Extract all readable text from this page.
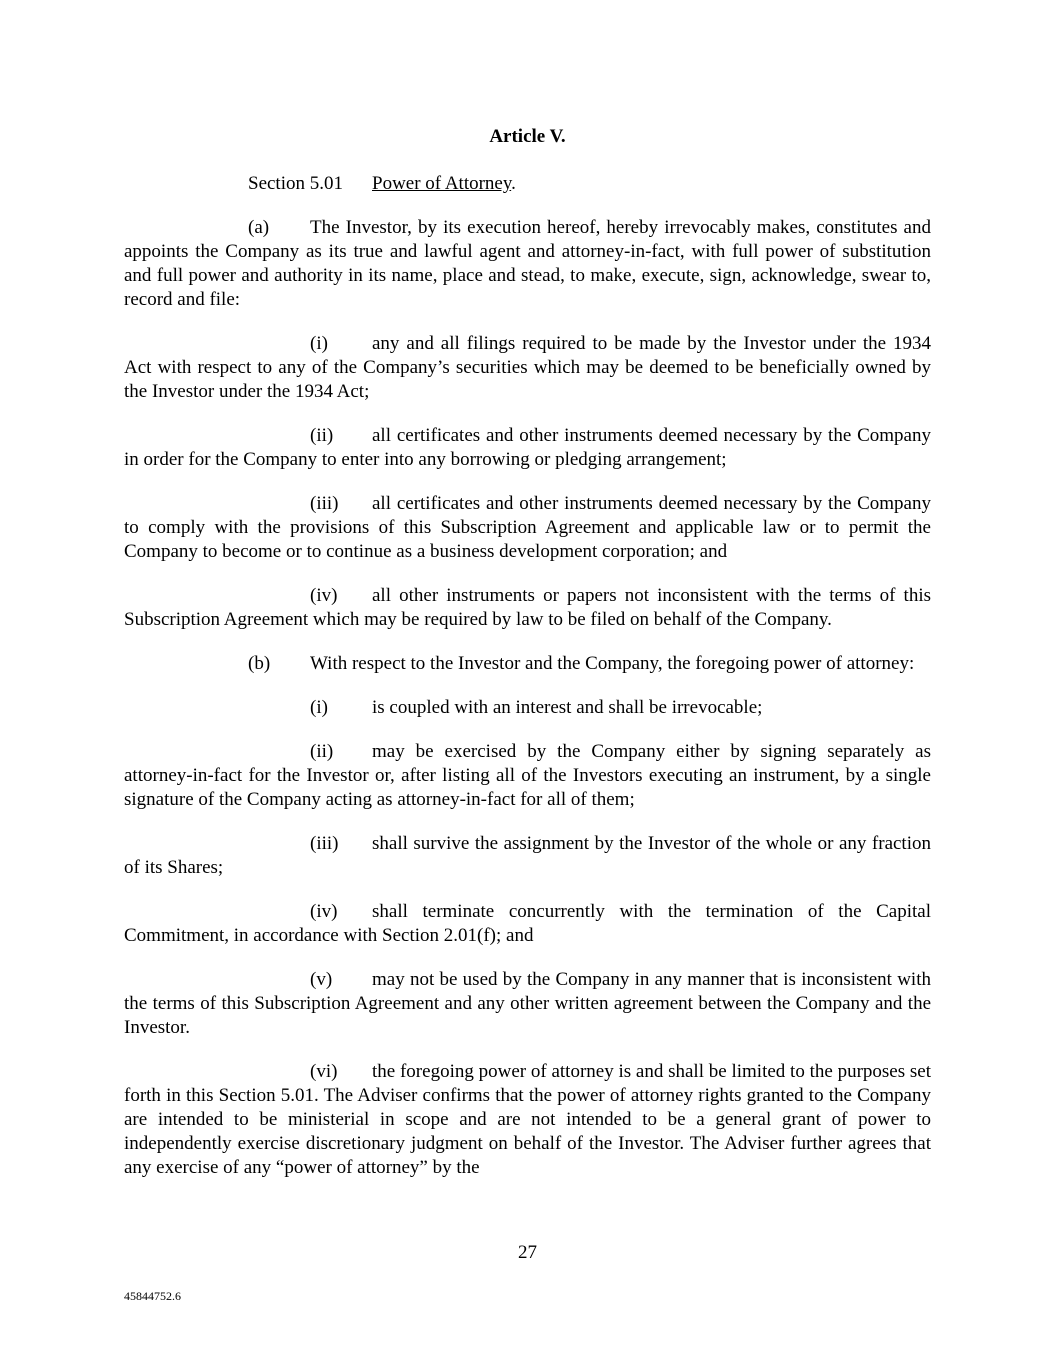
Article V.
Section 5.01 Power of Attorney.

(a) The Investor, by its execution hereof, hereby irrevocably makes, constitutes and appoints the Company as its true and lawful agent and attorney-in-fact, with full power of substitution and full power and authority in its name, place and stead, to make, execute, sign, acknowledge, swear to, record and file:

(i) any and all filings required to be made by the Investor under the 1934 Act with respect to any of the Company’s securities which may be deemed to be beneficially owned by the Investor under the 1934 Act;

(ii) all certificates and other instruments deemed necessary by the Company in order for the Company to enter into any borrowing or pledging arrangement;

(iii) all certificates and other instruments deemed necessary by the Company to comply with the provisions of this Subscription Agreement and applicable law or to permit the Company to become or to continue as a business development corporation; and

(iv) all other instruments or papers not inconsistent with the terms of this Subscription Agreement which may be required by law to be filed on behalf of the Company.

(b) With respect to the Investor and the Company, the foregoing power of attorney:

(i) is coupled with an interest and shall be irrevocable;

(ii) may be exercised by the Company either by signing separately as attorney-in-fact for the Investor or, after listing all of the Investors executing an instrument, by a single signature of the Company acting as attorney-in-fact for all of them;

(iii) shall survive the assignment by the Investor of the whole or any fraction of its Shares;

(iv) shall terminate concurrently with the termination of the Capital Commitment, in accordance with Section 2.01(f); and

(v) may not be used by the Company in any manner that is inconsistent with the terms of this Subscription Agreement and any other written agreement between the Company and the Investor.

(vi) the foregoing power of attorney is and shall be limited to the purposes set forth in this Section 5.01. The Adviser confirms that the power of attorney rights granted to the Company are intended to be ministerial in scope and are not intended to be a general grant of power to independently exercise discretionary judgment on behalf of the Investor. The Adviser further agrees that any exercise of any “power of attorney” by the

27
45844752.6
